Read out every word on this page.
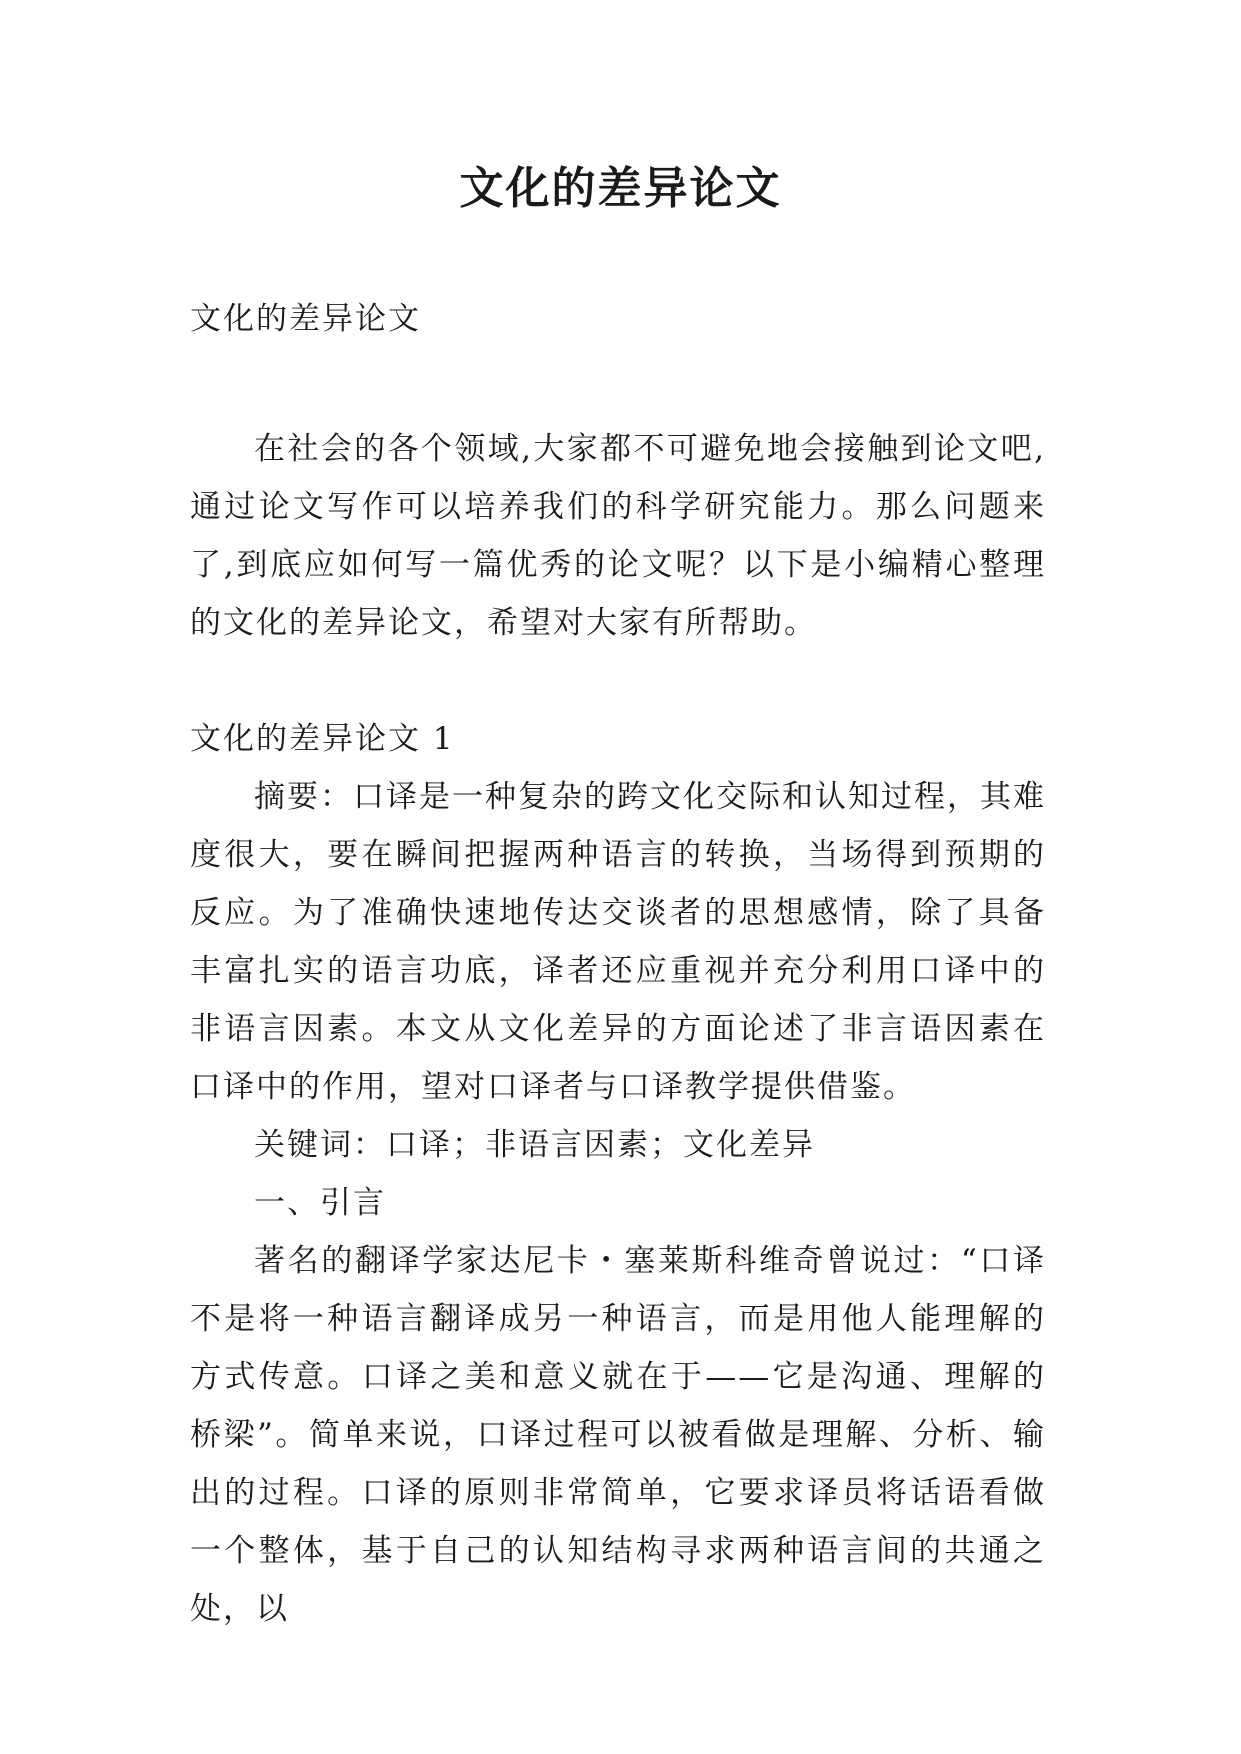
文化的差异论文

文化的差异论文

在社会的各个领域,大家都不可避免地会接触到论文吧,通过论文写作可以培养我们的科学研究能力。那么问题来了,到底应如何写一篇优秀的论文呢？以下是小编精心整理的文化的差异论文，希望对大家有所帮助。

文化的差异论文 1

摘要：口译是一种复杂的跨文化交际和认知过程，其难度很大，要在瞬间把握两种语言的转换，当场得到预期的反应。为了准确快速地传达交谈者的思想感情，除了具备丰富扎实的语言功底，译者还应重视并充分利用口译中的非语言因素。本文从文化差异的方面论述了非言语因素在口译中的作用，望对口译者与口译教学提供借鉴。

关键词：口译；非语言因素；文化差异

一、引言

著名的翻译学家达尼卡・塞莱斯科维奇曾说过：“口译不是将一种语言翻译成另一种语言，而是用他人能理解的方式传意。口译之美和意义就在于——它是沟通、理解的桥梁”。简单来说，口译过程可以被看做是理解、分析、输出的过程。口译的原则非常简单，它要求译员将话语看做一个整体，基于自己的认知结构寻求两种语言间的共通之处，以
